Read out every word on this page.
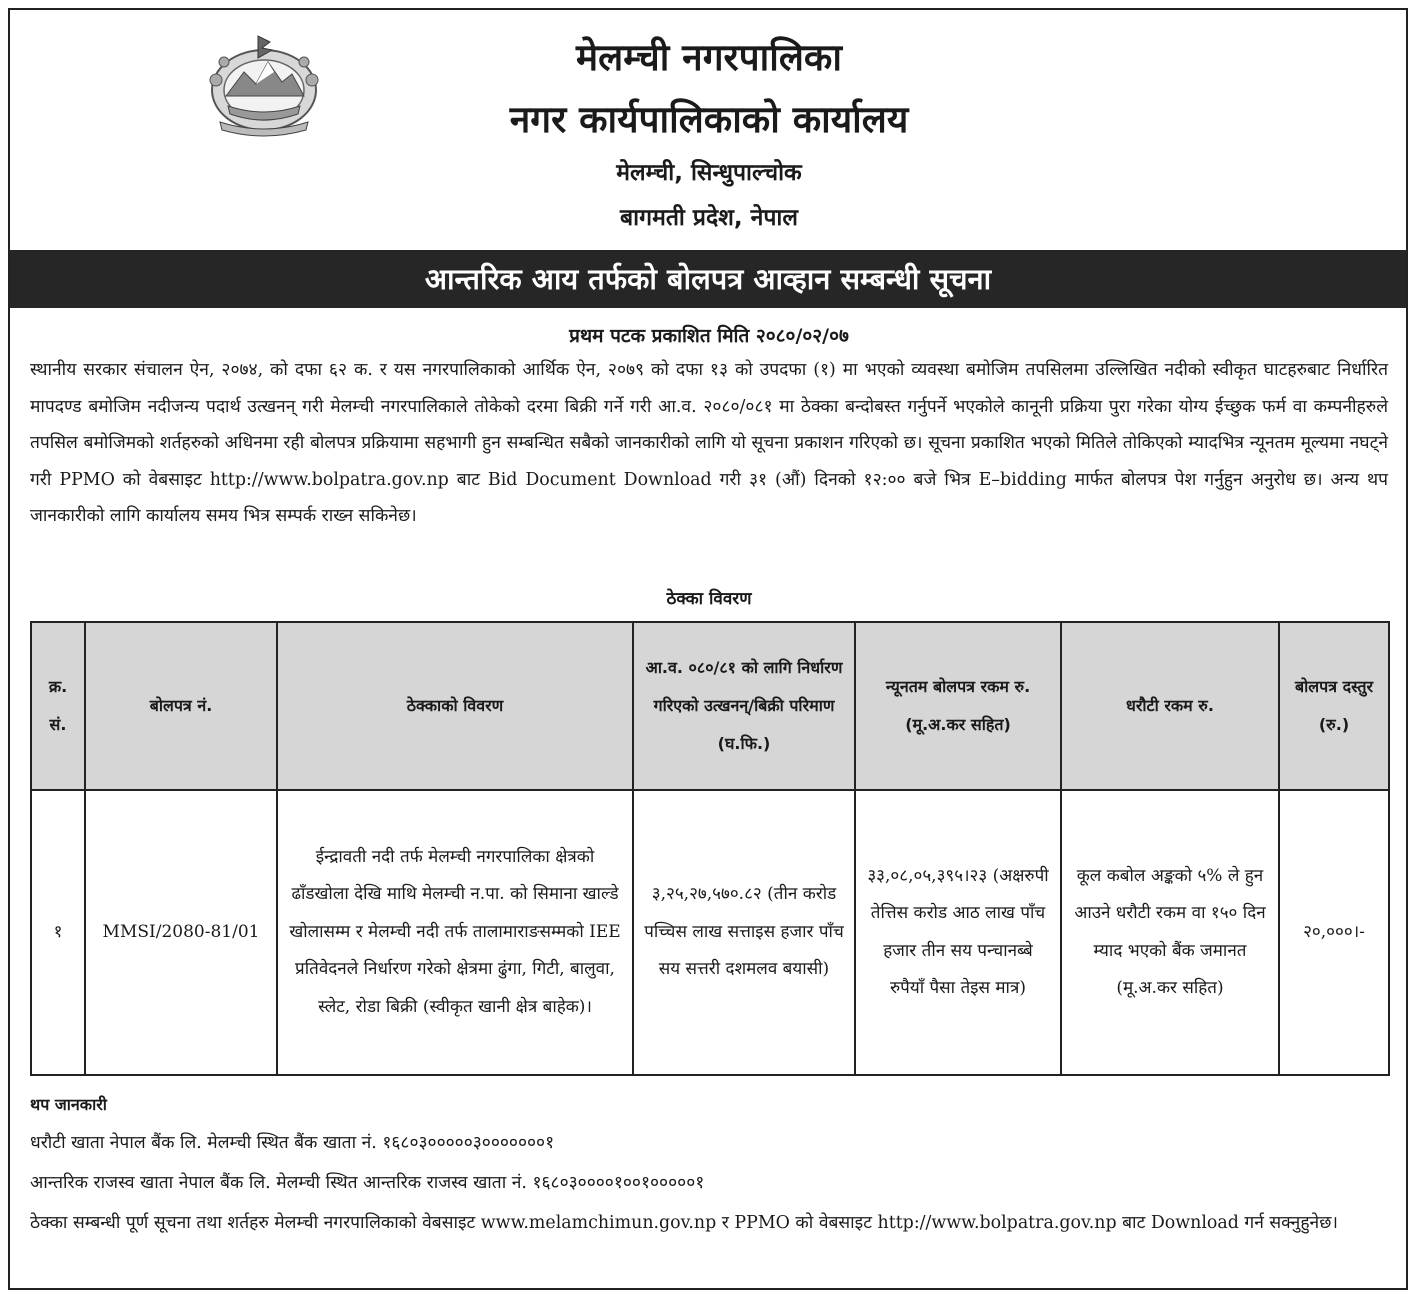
मेलम्ची नगरपालिका
नगर कार्यपालिकाको कार्यालय
मेलम्ची, सिन्धुपाल्चोक
बागमती प्रदेश, नेपाल
आन्तरिक आय तर्फको बोलपत्र आव्हान सम्बन्धी सूचना
प्रथम पटक प्रकाशित मिति २०८०/०२/०७

स्थानीय सरकार संचालन ऐन, २०७४, को दफा ६२ क. र यस नगरपालिकाको आर्थिक ऐन, २०७९ को दफा १३ को उपदफा (१) मा भएको व्यवस्था बमोजिम तपसिलमा उल्लिखित नदीको स्वीकृत घाटहरुबाट निर्धारित मापदण्ड बमोजिम नदीजन्य पदार्थ उत्खनन् गरी मेलम्ची नगरपालिकाले तोकेको दरमा बिक्री गर्ने गरी आ.व. २०८०/०८१ मा ठेक्का बन्दोबस्त गर्नुपर्ने भएकोले कानूनी प्रक्रिया पुरा गरेका योग्य ईच्छुक फर्म वा कम्पनीहरुले तपसिल बमोजिमको शर्तहरुको अधिनमा रही बोलपत्र प्रक्रियामा सहभागी हुन सम्बन्धित सबैको जानकारीको लागि यो सूचना प्रकाशन गरिएको छ। सूचना प्रकाशित भएको मितिले तोकिएको म्यादभित्र न्यूनतम मूल्यमा नघट्ने गरी PPMO को वेबसाइट http://www.bolpatra.gov.np बाट Bid Document Download गरी ३१ (औं) दिनको १२:०० बजे भित्र E–bidding मार्फत बोलपत्र पेश गर्नुहुन अनुरोध छ। अन्य थप जानकारीको लागि कार्यालय समय भित्र सम्पर्क राख्न सकिनेछ।

ठेक्का विवरण
क्र. सं.	बोलपत्र नं.	ठेक्काको विवरण	आ.व. ०८०/८१ को लागि निर्धारण गरिएको उत्खनन्/बिक्री परिमाण (घ.फि.)	न्यूनतम बोलपत्र रकम रु. (मू.अ.कर सहित)	धरौटी रकम रु.	बोलपत्र दस्तुर (रु.)
१	MMSI/2080-81/01	ईन्द्रावती नदी तर्फ मेलम्ची नगरपालिका क्षेत्रको ढाँडखोला देखि माथि मेलम्ची न.पा. को सिमाना खाल्डे खोलासम्म र मेलम्ची नदी तर्फ तालामाराङसम्मको IEE प्रतिवेदनले निर्धारण गरेको क्षेत्रमा ढुंगा, गिटी, बालुवा, स्लेट, रोडा बिक्री (स्वीकृत खानी क्षेत्र बाहेक)।	३,२५,२७,५७०.८२ (तीन करोड पच्चिस लाख सत्ताइस हजार पाँच सय सत्तरी दशमलव बयासी)	३३,०८,०५,३९५।२३ (अक्षरुपी तेत्तिस करोड आठ लाख पाँच हजार तीन सय पन्चानब्बे रुपैयाँ पैसा तेइस मात्र)	कूल कबोल अङ्कको ५% ले हुन आउने धरौटी रकम वा १५० दिन म्याद भएको बैंक जमानत (मू.अ.कर सहित)	२०,०००।-
थप जानकारी
धरौटी खाता नेपाल बैंक लि. मेलम्ची स्थित बैंक खाता नं. १६८०३०००००३०००००००१
आन्तरिक राजस्व खाता नेपाल बैंक लि. मेलम्ची स्थित आन्तरिक राजस्व खाता नं. १६८०३००००१००१०००००१

ठेक्का सम्बन्धी पूर्ण सूचना तथा शर्तहरु मेलम्ची नगरपालिकाको वेबसाइट www.melamchimun.gov.np र PPMO को वेबसाइट http://www.bolpatra.gov.np बाट Download गर्न सक्नुहुनेछ।
